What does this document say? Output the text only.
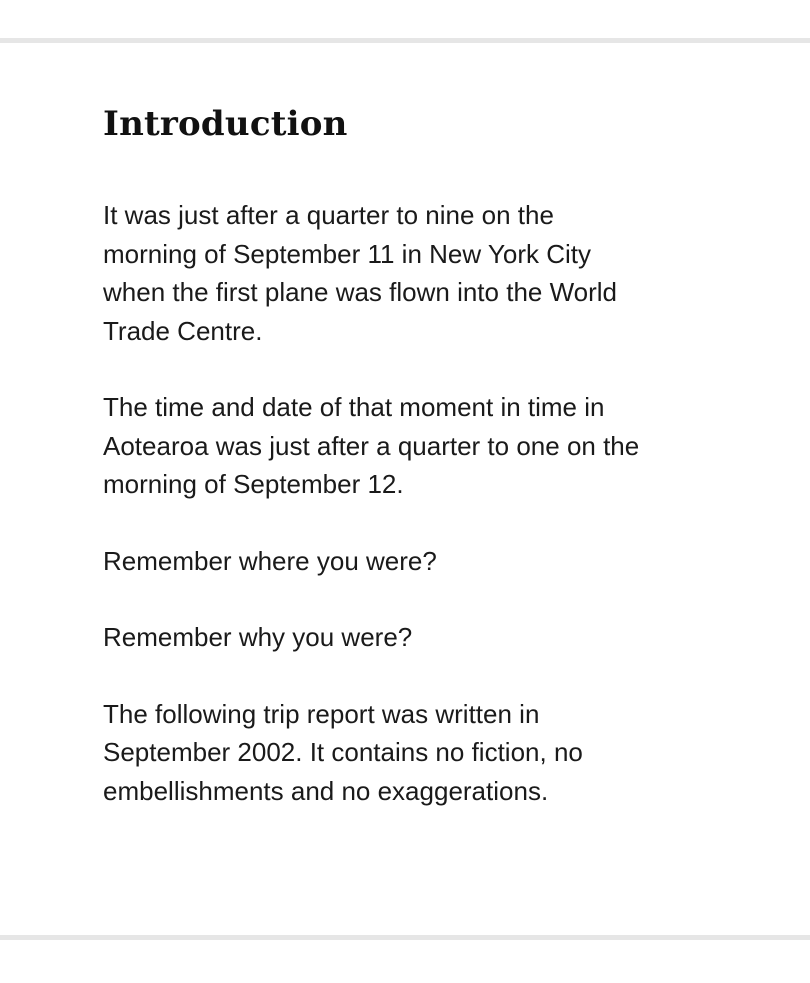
Introduction

It was just after a quarter to nine on the
morning of September 11 in New York City
when the first plane was flown into the World
Trade Centre.

The time and date of that moment in time in
Aotearoa was just after a quarter to one on the
morning of September 12.

Remember where you were?

Remember why you were?

The following trip report was written in
September 2002. It contains no fiction, no
embellishments and no exaggerations.
